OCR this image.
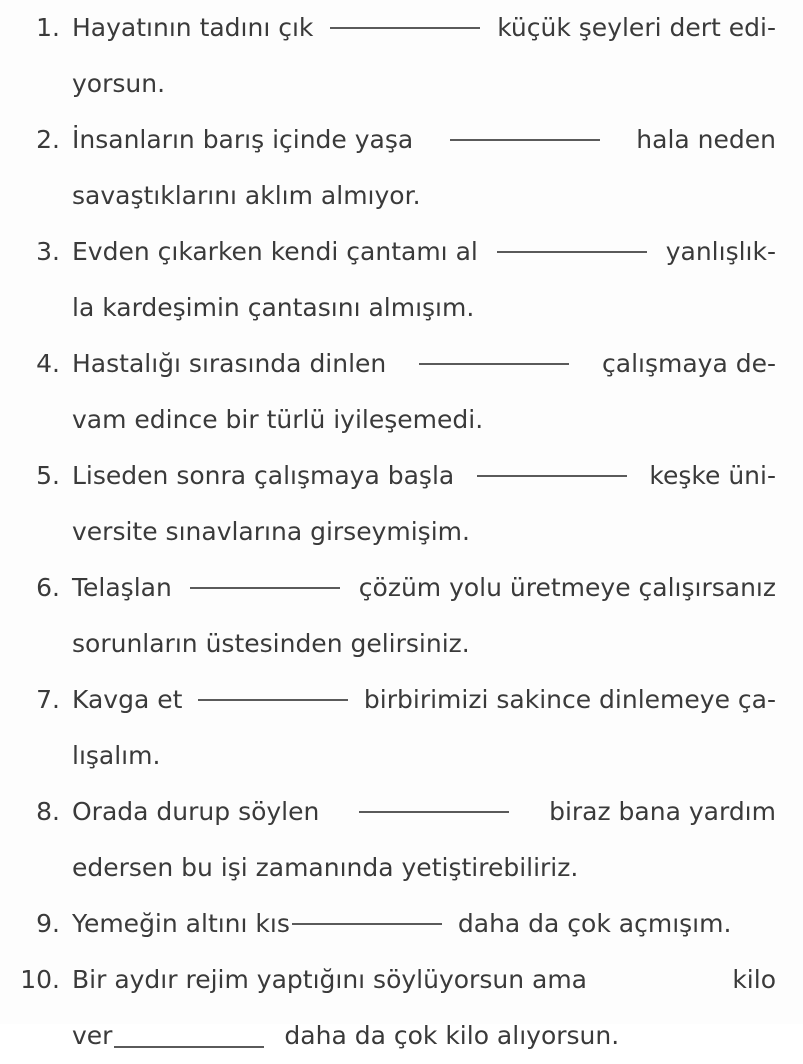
1. Hayatının tadını çık	küçük şeyleri dert edi-
yorsun.
2. İnsanların barış içinde yaşa	hala neden
savaştıklarını aklım almıyor.
3. Evden çıkarken kendi çantamı al	yanlışlık-
la kardeşimin çantasını almışım.
4. Hastalığı sırasında dinlen	çalışmaya de-
vam edince bir türlü iyileşemedi.
5. Liseden sonra çalışmaya başla	keşke üni-
versite sınavlarına girseymişim.
6. Telaşlan	çözüm yolu üretmeye çalışırsanız
sorunların üstesinden gelirsiniz.
7. Kavga et	birbirimizi sakince dinlemeye ça-
lışalım.
8. Orada durup söylen	biraz bana yardım
edersen bu işi zamanında yetiştirebiliriz.
9. Yemeğin altını kıs	daha da çok açmışım.
10. Bir aydır rejim yaptığını söylüyorsun ama	kilo
ver	daha da çok kilo alıyorsun.
